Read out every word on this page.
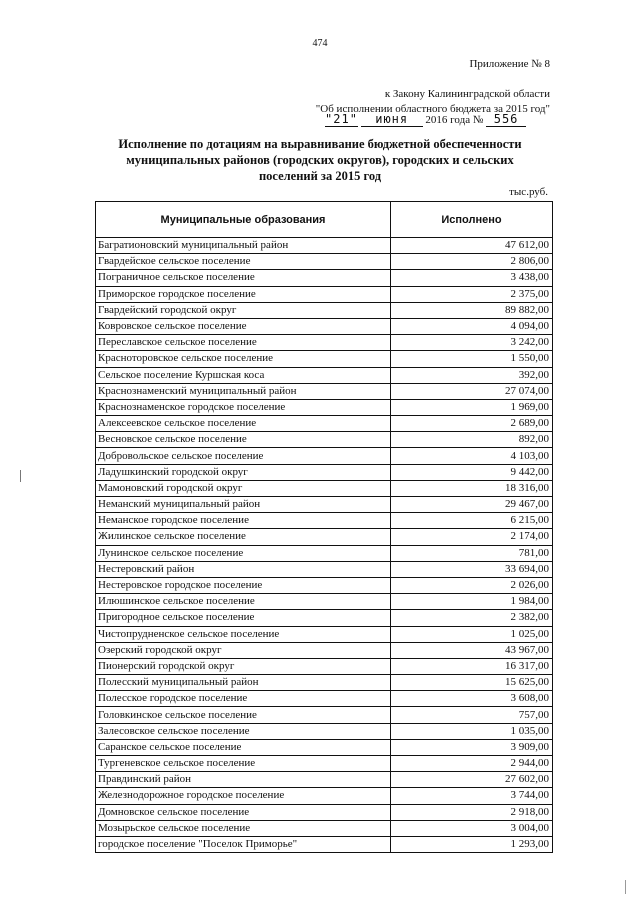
474
Приложение № 8
к Закону Калининградской области
"Об исполнении областного бюджета за 2015 год"
"21" июня 2016 года № 556
Исполнение по дотациям на выравнивание бюджетной обеспеченности
муниципальных районов (городских округов), городских и сельских
поселений за 2015 год
тыс.руб.
Муниципальные образования	Исполнено
Багратионовский муниципальный район	47 612,00
Гвардейское сельское поселение	2 806,00
Пограничное сельское поселение	3 438,00
Приморское городское поселение	2 375,00
Гвардейский городской округ	89 882,00
Ковровское сельское поселение	4 094,00
Переславское сельское поселение	3 242,00
Красноторовское сельское поселение	1 550,00
Сельское поселение Куршская коса	392,00
Краснознаменский муниципальный район	27 074,00
Краснознаменское городское поселение	1 969,00
Алексеевское сельское поселение	2 689,00
Весновское сельское поселение	892,00
Добровольское сельское поселение	4 103,00
Ладушкинский городской округ	9 442,00
Мамоновский городской округ	18 316,00
Неманский муниципальный район	29 467,00
Неманское городское поселение	6 215,00
Жилинское сельское поселение	2 174,00
Лунинское сельское поселение	781,00
Нестеровский район	33 694,00
Нестеровское городское поселение	2 026,00
Илюшинское сельское поселение	1 984,00
Пригородное сельское поселение	2 382,00
Чистопрудненское сельское поселение	1 025,00
Озерский городской округ	43 967,00
Пионерский городской округ	16 317,00
Полесский муниципальный район	15 625,00
Полесское городское поселение	3 608,00
Головкинское сельское поселение	757,00
Залесовское сельское поселение	1 035,00
Саранское сельское поселение	3 909,00
Тургеневское сельское поселение	2 944,00
Правдинский район	27 602,00
Железнодорожное городское поселение	3 744,00
Домновское сельское поселение	2 918,00
Мозырьское сельское поселение	3 004,00
городское поселение "Поселок Приморье"	1 293,00
